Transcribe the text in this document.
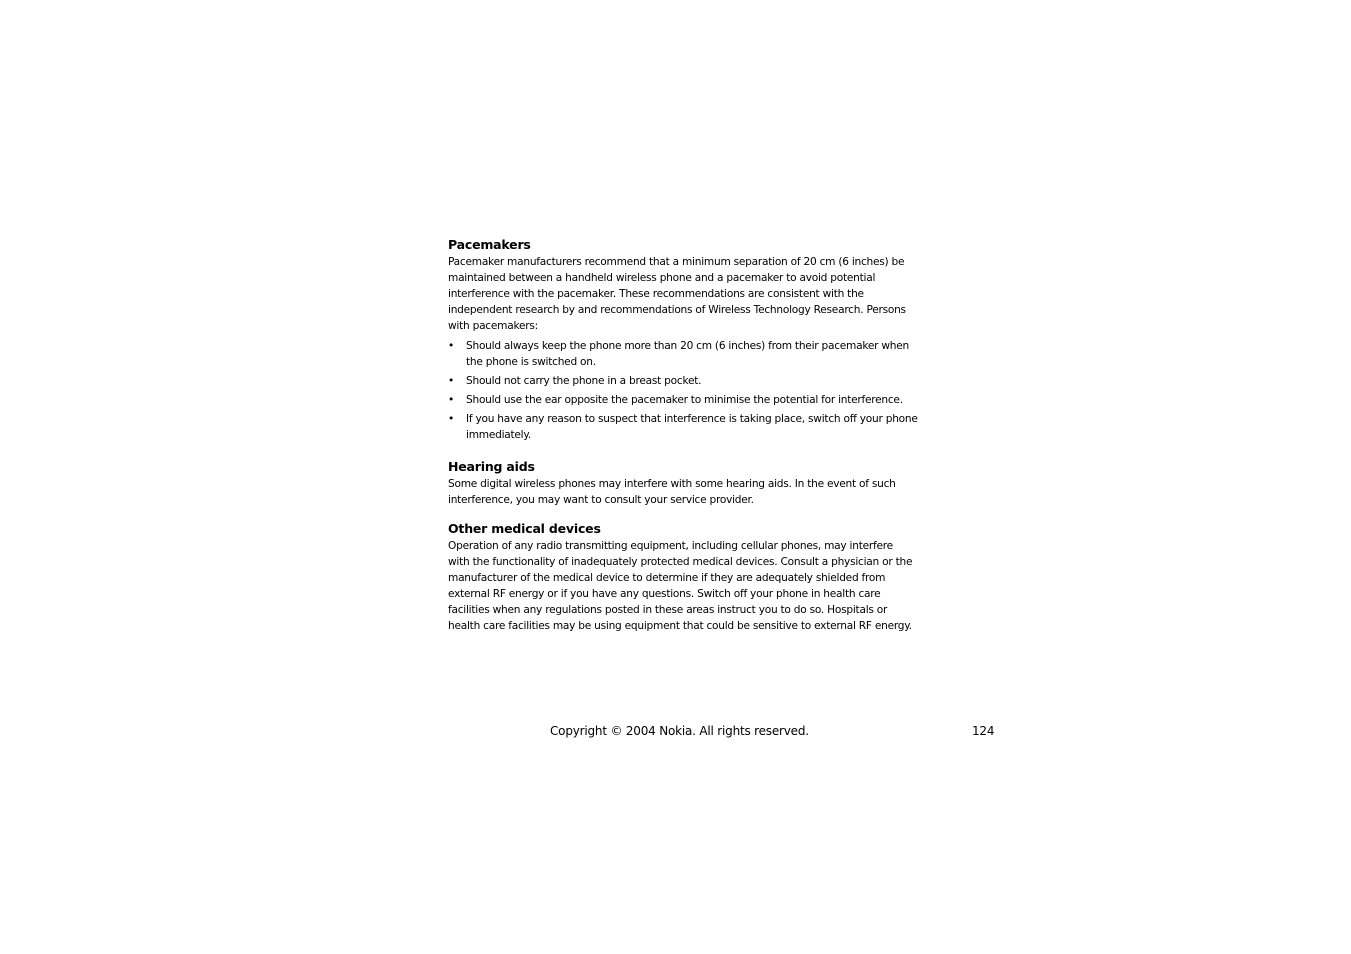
Pacemakers

Pacemaker manufacturers recommend that a minimum separation of 20 cm (6 inches) be
maintained between a handheld wireless phone and a pacemaker to avoid potential
interference with the pacemaker. These recommendations are consistent with the
independent research by and recommendations of Wireless Technology Research. Persons
with pacemakers:

• Should always keep the phone more than 20 cm (6 inches) from their pacemaker when
the phone is switched on.
• Should not carry the phone in a breast pocket.
• Should use the ear opposite the pacemaker to minimise the potential for interference.
• If you have any reason to suspect that interference is taking place, switch off your phone
immediately.
Hearing aids

Some digital wireless phones may interfere with some hearing aids. In the event of such
interference, you may want to consult your service provider.

Other medical devices

Operation of any radio transmitting equipment, including cellular phones, may interfere
with the functionality of inadequately protected medical devices. Consult a physician or the
manufacturer of the medical device to determine if they are adequately shielded from
external RF energy or if you have any questions. Switch off your phone in health care
facilities when any regulations posted in these areas instruct you to do so. Hospitals or
health care facilities may be using equipment that could be sensitive to external RF energy.

Copyright © 2004 Nokia. All rights reserved.	124
